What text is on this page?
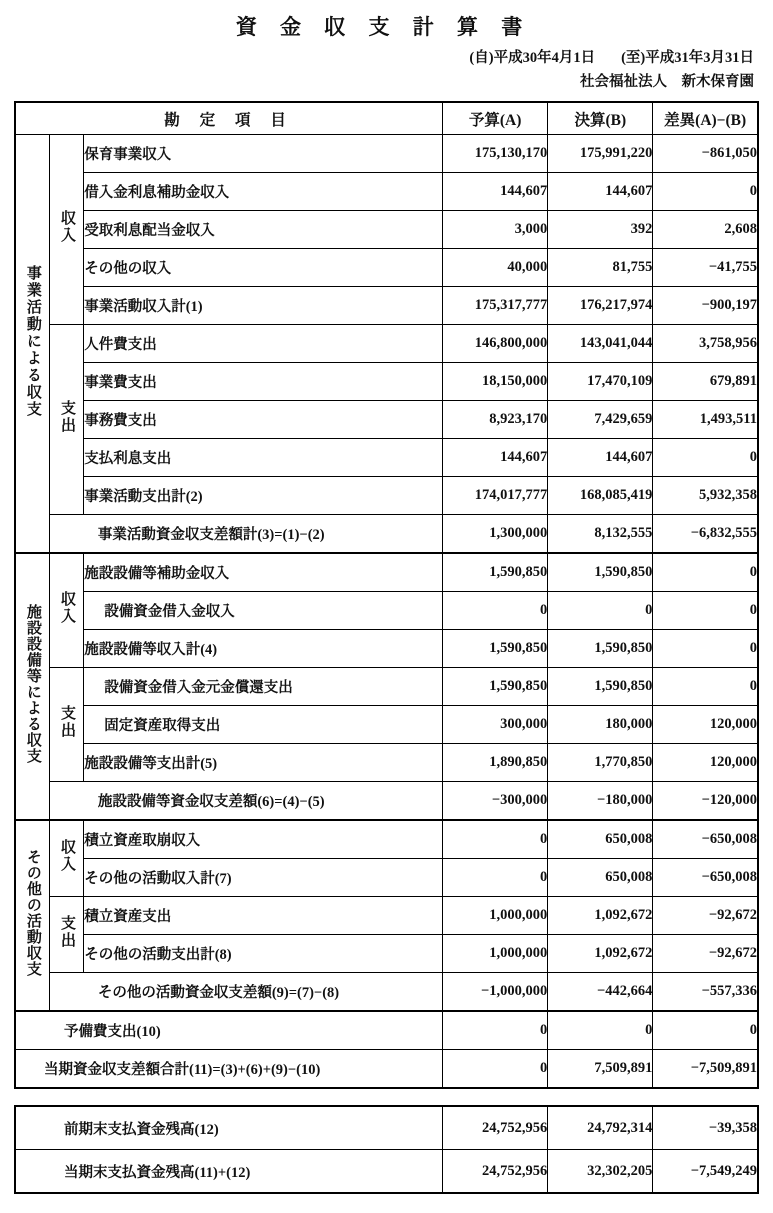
資 金 収 支 計 算 書
(自)平成30年4月1日 (至)平成31年3月31日
社会福祉法人　新木保育園
勘 定 項 目			予算(A)	決算(B)	差異(A)−(B)
事業活動による収支	収入	保育事業収入	175,130,170	175,991,220	−861,050
		借入金利息補助金収入	144,607	144,607	0
		受取利息配当金収入	3,000	392	2,608
		その他の収入	40,000	81,755	−41,755
		事業活動収入計(1)	175,317,777	176,217,974	−900,197
	支出	人件費支出	146,800,000	143,041,044	3,758,956
		事業費支出	18,150,000	17,470,109	679,891
		事務費支出	8,923,170	7,429,659	1,493,511
		支払利息支出	144,607	144,607	0
		事業活動支出計(2)	174,017,777	168,085,419	5,932,358
	事業活動資金収支差額計(3)=(1)−(2)		1,300,000	8,132,555	−6,832,555
施設設備等による収支	収入	施設設備等補助金収入	1,590,850	1,590,850	0
		設備資金借入金収入	0	0	0
		施設設備等収入計(4)	1,590,850	1,590,850	0
	支出	設備資金借入金元金償還支出	1,590,850	1,590,850	0
		固定資産取得支出	300,000	180,000	120,000
		施設設備等支出計(5)	1,890,850	1,770,850	120,000
	施設設備等資金収支差額(6)=(4)−(5)		−300,000	−180,000	−120,000
その他の活動収支	収入	積立資産取崩収入	0	650,008	−650,008
		その他の活動収入計(7)	0	650,008	−650,008
	支出	積立資産支出	1,000,000	1,092,672	−92,672
		その他の活動支出計(8)	1,000,000	1,092,672	−92,672
	その他の活動資金収支差額(9)=(7)−(8)		−1,000,000	−442,664	−557,336
予備費支出(10)			0	0	0
当期資金収支差額合計(11)=(3)+(6)+(9)−(10)			0	7,509,891	−7,509,891
前期末支払資金残高(12)	24,752,956	24,792,314	−39,358
当期末支払資金残高(11)+(12)	24,752,956	32,302,205	−7,549,249
